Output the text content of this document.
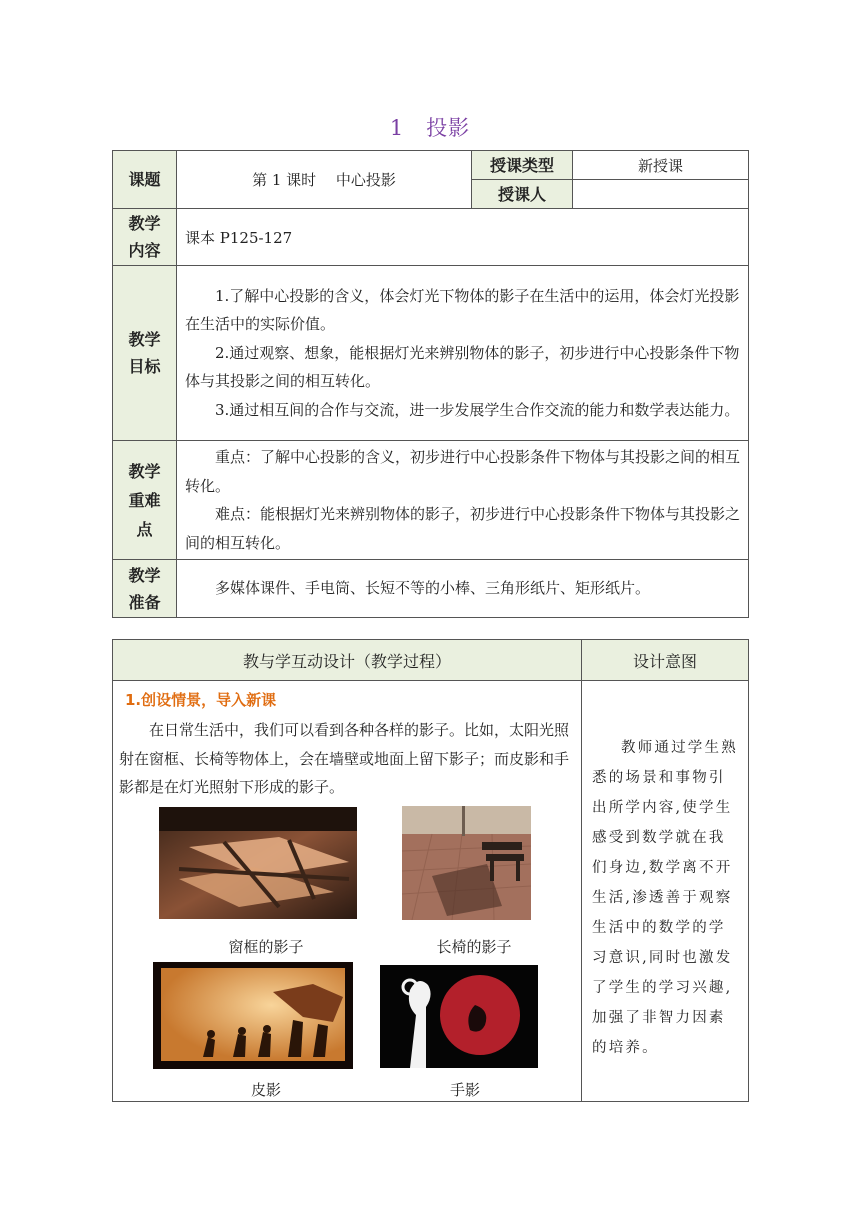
1　投影
课题	第 1 课时　 中心投影	授课类型	新授课
		授课人	
教学内容	课本 P125-127		
教学目标	1.了解中心投影的含义，体会灯光下物体的影子在生活中的运用，体会灯光投影在生活中的实际价值。

2.通过观察、想象，能根据灯光来辨别物体的影子，初步进行中心投影条件下物体与其投影之间的相互转化。

3.通过相互间的合作与交流，进一步发展学生合作交流的能力和数学表达能力。		

教学重难点	重点：了解中心投影的含义，初步进行中心投影条件下物体与其投影之间的相互转化。

难点：能根据灯光来辨别物体的影子，初步进行中心投影条件下物体与其投影之间的相互转化。		

教学准备	多媒体课件、手电筒、长短不等的小棒、三角形纸片、矩形纸片。		

教与学互动设计（教学过程）	设计意图

1.创设情景，导入新课

在日常生活中，我们可以看到各种各样的影子。比如，太阳光照射在窗框、长椅等物体上，会在墙壁或地面上留下影子；而皮影和手影都是在灯光照射下形成的影子。	教师通过学生熟悉的场景和事物引出所学内容,使学生感受到数学就在我们身边,数学离不开生活,渗透善于观察生活中的数学的学习意识,同时也激发了学生的学习兴趣,加强了非智力因素的培养。

窗框的影子	长椅的影子
皮影	手影
